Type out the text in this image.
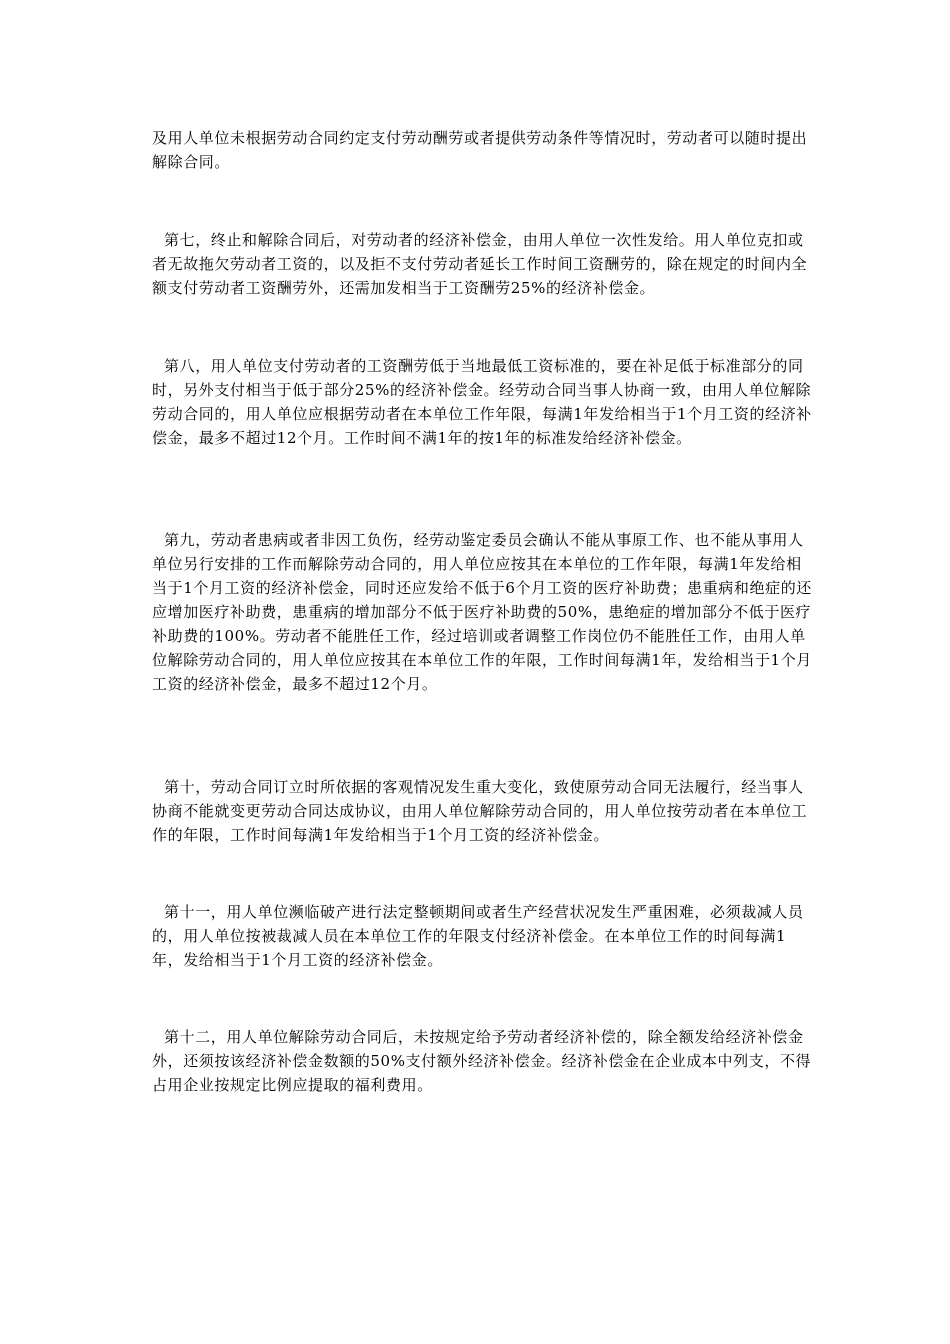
及用人单位未根据劳动合同约定支付劳动酬劳或者提供劳动条件等情况时，劳动者可以随时提出解除合同。

第七，终止和解除合同后，对劳动者的经济补偿金，由用人单位一次性发给。用人单位克扣或者无故拖欠劳动者工资的，以及拒不支付劳动者延长工作时间工资酬劳的，除在规定的时间内全额支付劳动者工资酬劳外，还需加发相当于工资酬劳25%的经济补偿金。

第八，用人单位支付劳动者的工资酬劳低于当地最低工资标准的，要在补足低于标准部分的同时，另外支付相当于低于部分25%的经济补偿金。经劳动合同当事人协商一致，由用人单位解除劳动合同的，用人单位应根据劳动者在本单位工作年限，每满1年发给相当于1个月工资的经济补偿金，最多不超过12个月。工作时间不满1年的按1年的标准发给经济补偿金。

第九，劳动者患病或者非因工负伤，经劳动鉴定委员会确认不能从事原工作、也不能从事用人单位另行安排的工作而解除劳动合同的，用人单位应按其在本单位的工作年限，每满1年发给相当于1个月工资的经济补偿金，同时还应发给不低于6个月工资的医疗补助费；患重病和绝症的还应增加医疗补助费，患重病的增加部分不低于医疗补助费的50%，患绝症的增加部分不低于医疗补助费的100%。劳动者不能胜任工作，经过培训或者调整工作岗位仍不能胜任工作，由用人单位解除劳动合同的，用人单位应按其在本单位工作的年限，工作时间每满1年，发给相当于1个月工资的经济补偿金，最多不超过12个月。

第十，劳动合同订立时所依据的客观情况发生重大变化，致使原劳动合同无法履行，经当事人协商不能就变更劳动合同达成协议，由用人单位解除劳动合同的，用人单位按劳动者在本单位工作的年限，工作时间每满1年发给相当于1个月工资的经济补偿金。

第十一，用人单位濒临破产进行法定整顿期间或者生产经营状况发生严重困难，必须裁减人员的，用人单位按被裁减人员在本单位工作的年限支付经济补偿金。在本单位工作的时间每满1年，发给相当于1个月工资的经济补偿金。

第十二，用人单位解除劳动合同后，未按规定给予劳动者经济补偿的，除全额发给经济补偿金外，还须按该经济补偿金数额的50%支付额外经济补偿金。经济补偿金在企业成本中列支，不得占用企业按规定比例应提取的福利费用。
